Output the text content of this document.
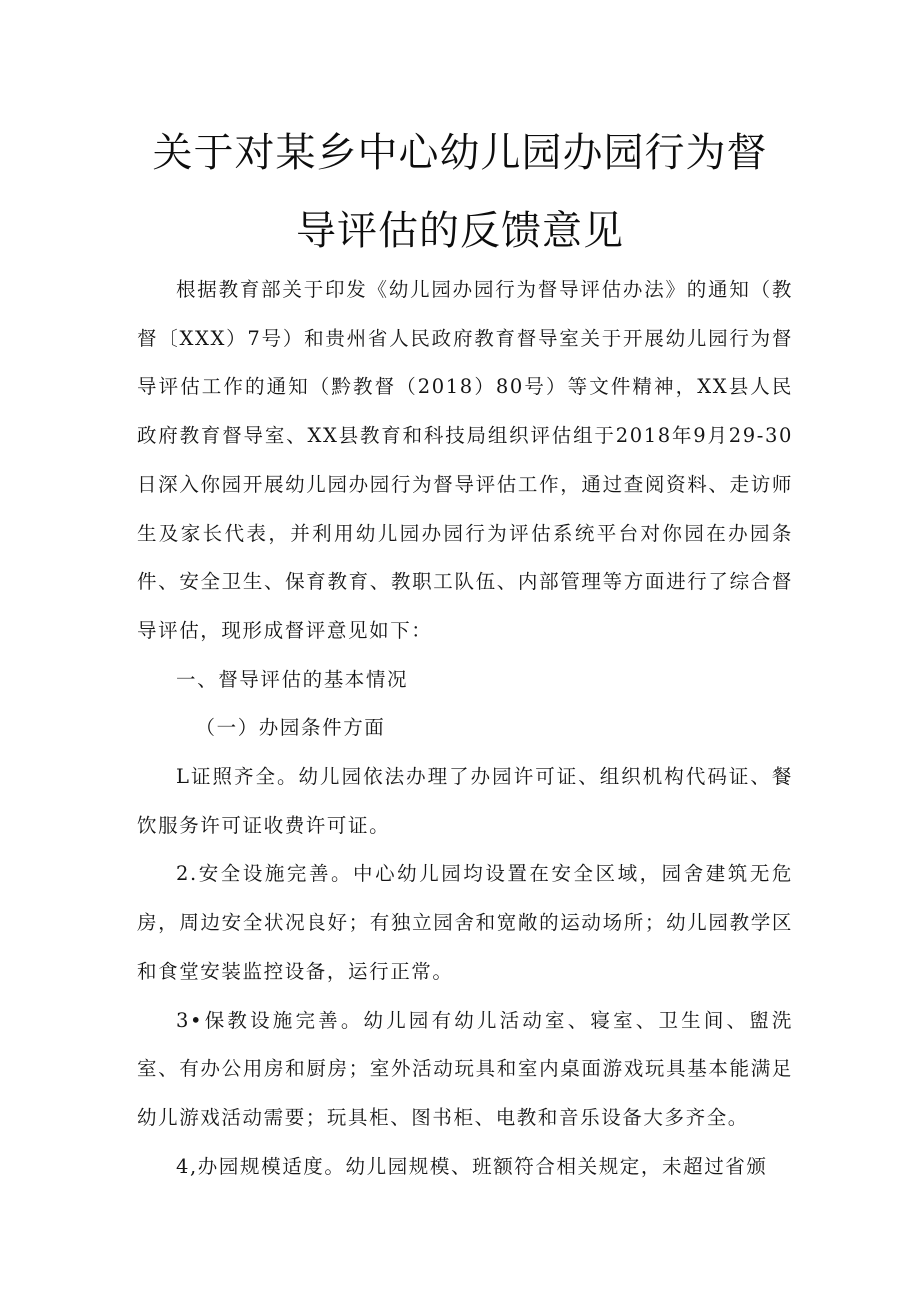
关于对某乡中心幼儿园办园行为督
导评估的反馈意见

根据教育部关于印发《幼儿园办园行为督导评估办法》的通知（教督〔XXX）7号）和贵州省人民政府教育督导室关于开展幼儿园行为督导评估工作的通知（黔教督（2018）80号）等文件精神，XX县人民政府教育督导室、XX县教育和科技局组织评估组于2018年9月29-30日深入你园开展幼儿园办园行为督导评估工作，通过查阅资料、走访师生及家长代表，并利用幼儿园办园行为评估系统平台对你园在办园条件、安全卫生、保育教育、教职工队伍、内部管理等方面进行了综合督导评估，现形成督评意见如下：

一、督导评估的基本情况

（一）办园条件方面

L证照齐全。幼儿园依法办理了办园许可证、组织机构代码证、餐饮服务许可证收费许可证。

2.安全设施完善。中心幼儿园均设置在安全区域，园舍建筑无危房，周边安全状况良好；有独立园舍和宽敞的运动场所；幼儿园教学区和食堂安装监控设备，运行正常。

3•保教设施完善。幼儿园有幼儿活动室、寝室、卫生间、盥洗室、有办公用房和厨房；室外活动玩具和室内桌面游戏玩具基本能满足幼儿游戏活动需要；玩具柜、图书柜、电教和音乐设备大多齐全。

4,办园规模适度。幼儿园规模、班额符合相关规定，未超过省颁
